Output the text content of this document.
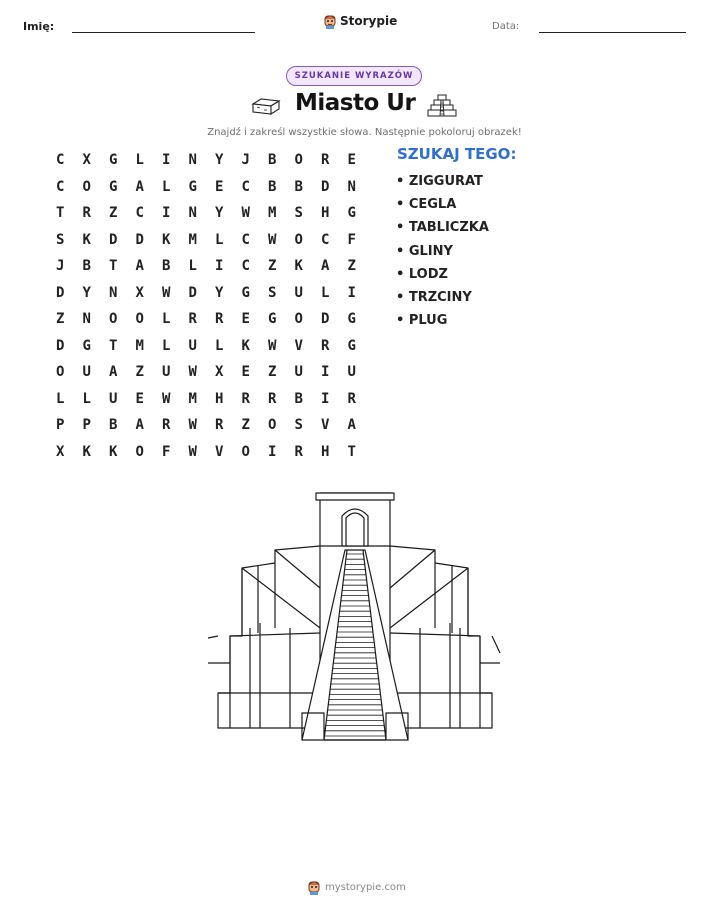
Imię:	Storypie	Data:
SZUKANIE WYRAZÓW
Miasto Ur
Znajdź i zakreśl wszystkie słowa. Następnie pokoloruj obrazek!
C	X	G	L	I	N	Y	J	B	O	R	E
C	O	G	A	L	G	E	C	B	B	D	N
T	R	Z	C	I	N	Y	W	M	S	H	G
S	K	D	D	K	M	L	C	W	O	C	F
J	B	T	A	B	L	I	C	Z	K	A	Z
D	Y	N	X	W	D	Y	G	S	U	L	I
Z	N	O	O	L	R	R	E	G	O	D	G
D	G	T	M	L	U	L	K	W	V	R	G
O	U	A	Z	U	W	X	E	Z	U	I	U
L	L	U	E	W	M	H	R	R	B	I	R
P	P	B	A	R	W	R	Z	O	S	V	A
X	K	K	O	F	W	V	O	I	R	H	T
SZUKAJ TEGO:
• ZIGGURAT
• CEGLA
• TABLICZKA
• GLINY
• LODZ
• TRZCINY
• PLUG
mystorypie.com
